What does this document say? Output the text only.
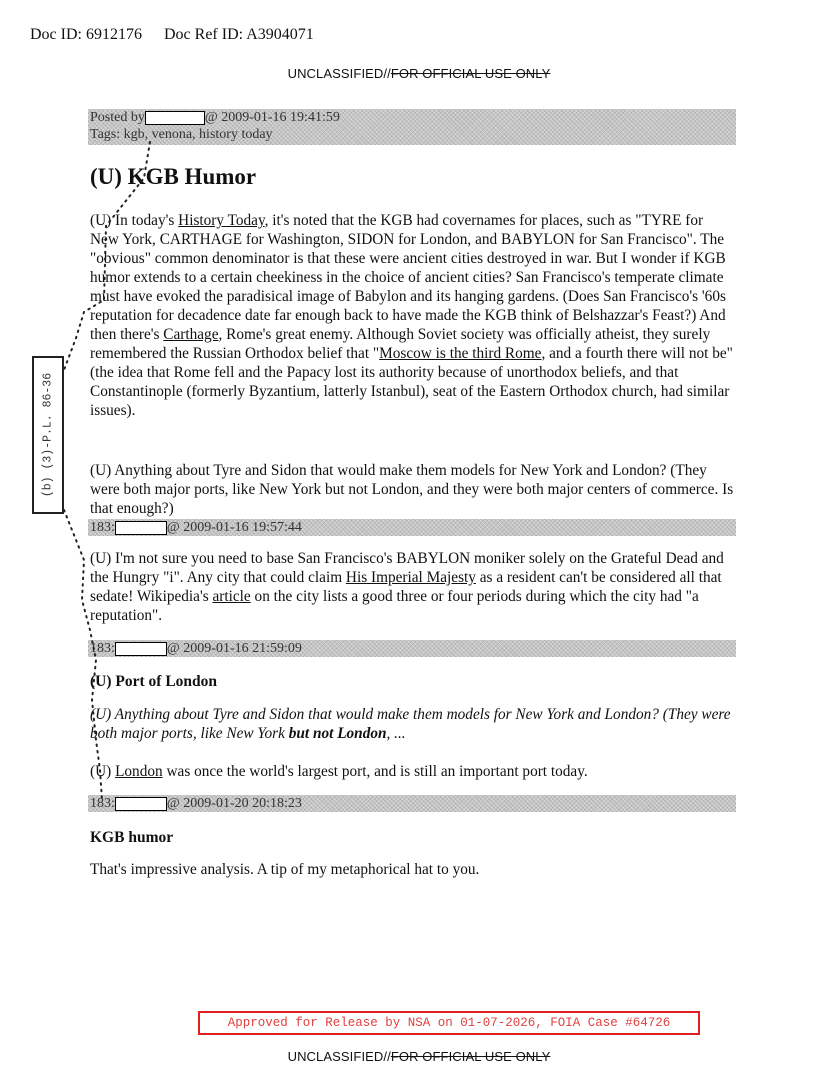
Doc ID: 6912176 Doc Ref ID: A3904071
UNCLASSIFIED//FOR OFFICIAL USE ONLY
Posted by	@ 2009-01-16 19:41:59
Tags: kgb, venona, history today
(U) KGB Humor

(U) In today's History Today, it's noted that the KGB had covernames for places, such as "TYRE for New York, CARTHAGE for Washington, SIDON for London, and BABYLON for San Francisco". The "obvious" common denominator is that these were ancient cities destroyed in war. But I wonder if KGB humor extends to a certain cheekiness in the choice of ancient cities? San Francisco's temperate climate must have evoked the paradisical image of Babylon and its hanging gardens. (Does San Francisco's '60s reputation for decadence date far enough back to have made the KGB think of Belshazzar's Feast?) And then there's Carthage, Rome's great enemy. Although Soviet society was officially atheist, they surely remembered the Russian Orthodox belief that "Moscow is the third Rome, and a fourth there will not be" (the idea that Rome fell and the Papacy lost its authority because of unorthodox beliefs, and that Constantinople (formerly Byzantium, latterly Istanbul), seat of the Eastern Orthodox church, had similar issues).

(U) Anything about Tyre and Sidon that would make them models for New York and London? (They were both major ports, like New York but not London, and they were both major centers of commerce. Is that enough?)

183:	@ 2009-01-16 19:57:44

(U) I'm not sure you need to base San Francisco's BABYLON moniker solely on the Grateful Dead and the Hungry "i". Any city that could claim His Imperial Majesty as a resident can't be considered all that sedate! Wikipedia's article on the city lists a good three or four periods during which the city had "a reputation".

183:	@ 2009-01-16 21:59:09
(U) Port of London

(U) Anything about Tyre and Sidon that would make them models for New York and London? (They were both major ports, like New York but not London, ...

(U) London was once the world's largest port, and is still an important port today.

183:	@ 2009-01-20 20:18:23
KGB humor

That's impressive analysis. A tip of my metaphorical hat to you.

(b) (3)-P.L. 86-36
Approved for Release by NSA on 01-07-2026, FOIA Case #64726
UNCLASSIFIED//FOR OFFICIAL USE ONLY
